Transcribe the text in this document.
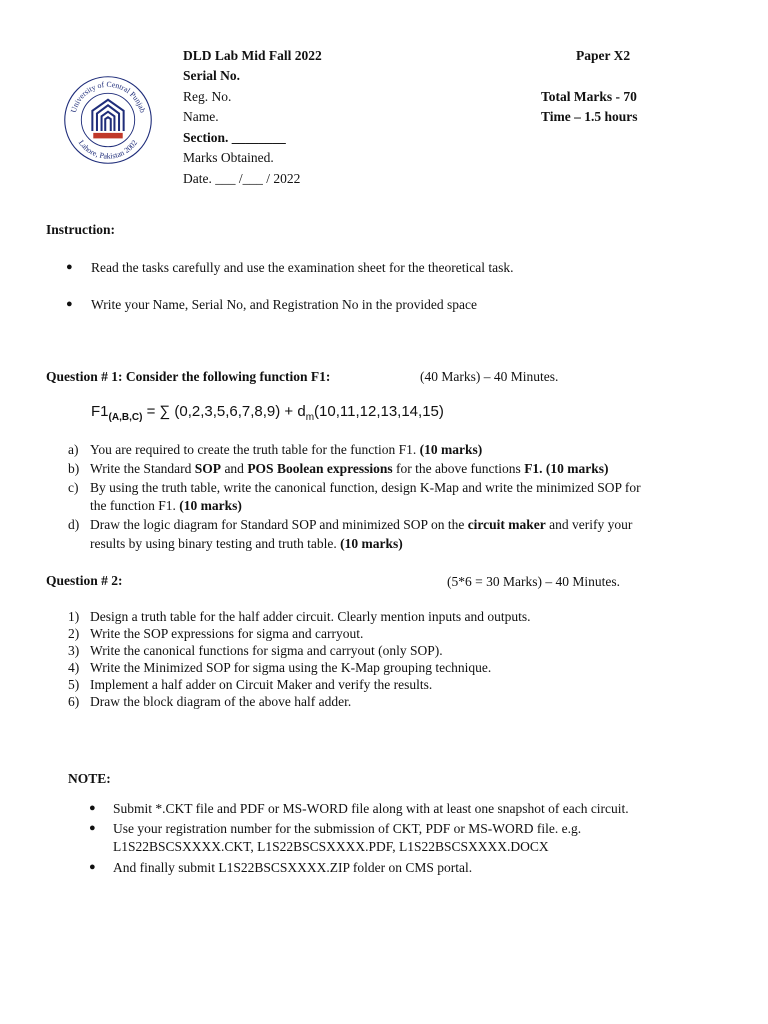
University of Central Punjab
Lahore, Pakistan 2002
DLD Lab Mid Fall 2022	Paper X2
Serial No.
Reg. No.	Total Marks - 70
Name.	Time – 1.5 hours
Section. ________
Marks Obtained.
Date. ___ /___ / 2022
Instruction:
● Read the tasks carefully and use the examination sheet for the theoretical task.
● Write your Name, Serial No, and Registration No in the provided space
Question # 1: Consider the following function F1:	(40 Marks) – 40 Minutes.
$F1_{(A,B,C)}$ = ∑ $(0,2,3,5,6,7,8,9) + d_m(10,11,12,13,14,15)$
a) You are required to create the truth table for the function F1. (10 marks)
b) Write the Standard SOP and POS Boolean expressions for the above functions F1. (10 marks)
c) By using the truth table, write the canonical function, design K-Map and write the minimized SOP for
the function F1. (10 marks)
d) Draw the logic diagram for Standard SOP and minimized SOP on the circuit maker and verify your
results by using binary testing and truth table. (10 marks)
Question # 2:	(5*6 = 30 Marks) – 40 Minutes.
1) Design a truth table for the half adder circuit. Clearly mention inputs and outputs.
2) Write the SOP expressions for sigma and carryout.
3) Write the canonical functions for sigma and carryout (only SOP).
4) Write the Minimized SOP for sigma using the K-Map grouping technique.
5) Implement a half adder on Circuit Maker and verify the results.
6) Draw the block diagram of the above half adder.
NOTE:
● Submit *.CKT file and PDF or MS-WORD file along with at least one snapshot of each circuit.
● Use your registration number for the submission of CKT, PDF or MS-WORD file. e.g.
L1S22BSCSXXXX.CKT, L1S22BSCSXXXX.PDF, L1S22BSCSXXXX.DOCX
● And finally submit L1S22BSCSXXXX.ZIP folder on CMS portal.
